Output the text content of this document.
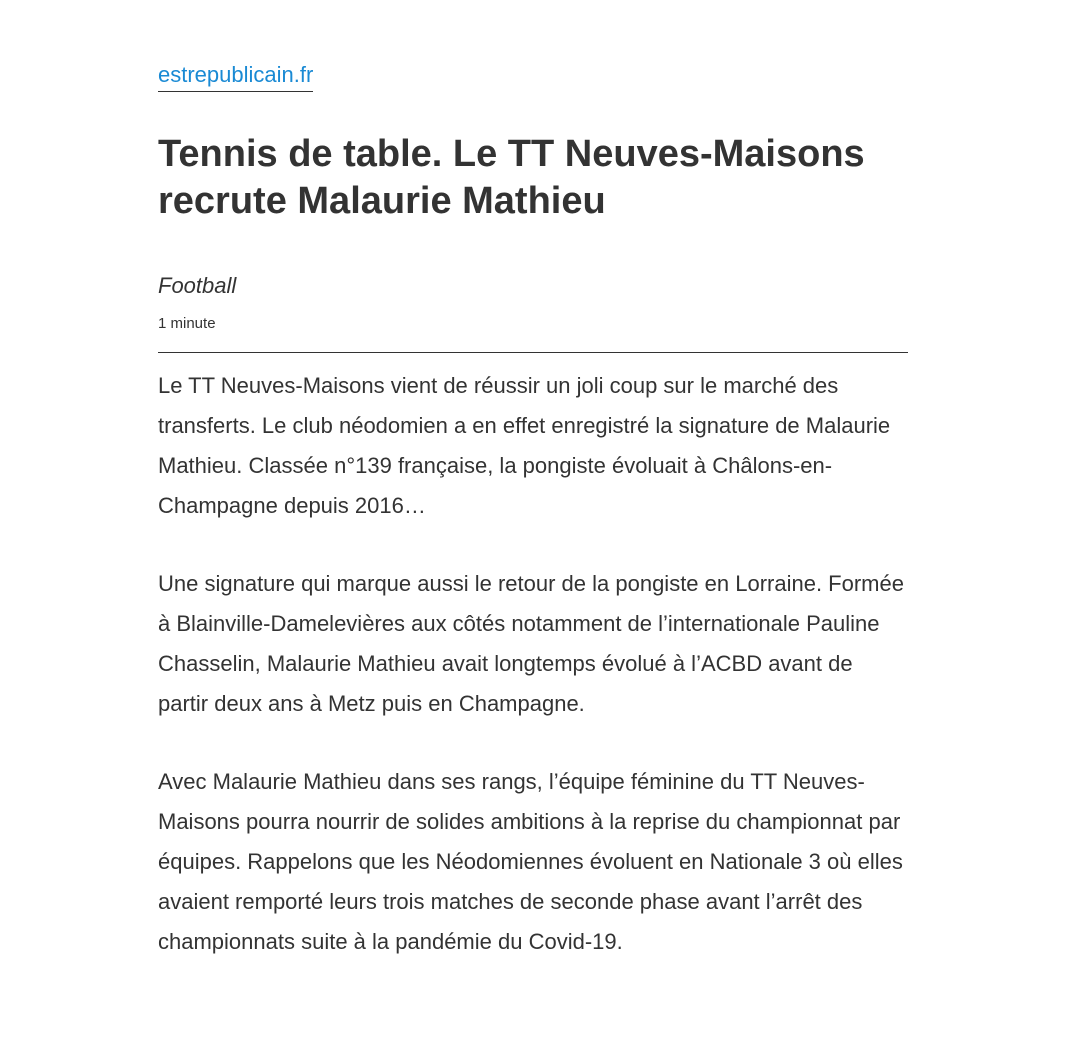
estrepublicain.fr
Tennis de table. Le TT Neuves-Maisons recrute Malaurie Mathieu

Football

1 minute

Le TT Neuves-Maisons vient de réussir un joli coup sur le marché des transferts. Le club néodomien a en effet enregistré la signature de Malaurie Mathieu. Classée n°139 française, la pongiste évoluait à Châlons-en-Champagne depuis 2016…

Une signature qui marque aussi le retour de la pongiste en Lorraine. Formée à Blainville-Damelevières aux côtés notamment de l’internationale Pauline Chasselin, Malaurie Mathieu avait longtemps évolué à l’ACBD avant de partir deux ans à Metz puis en Champagne.

Avec Malaurie Mathieu dans ses rangs, l’équipe féminine du TT Neuves-Maisons pourra nourrir de solides ambitions à la reprise du championnat par équipes. Rappelons que les Néodomiennes évoluent en Nationale 3 où elles avaient remporté leurs trois matches de seconde phase avant l’arrêt des championnats suite à la pandémie du Covid-19.
